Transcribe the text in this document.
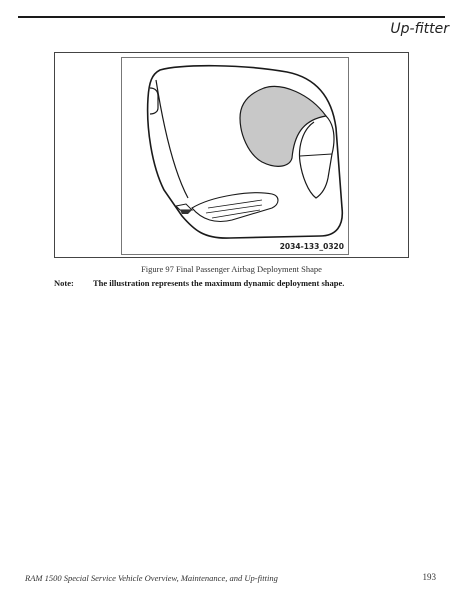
Up-fitter
2034-133_0320
Figure 97 Final Passenger Airbag Deployment Shape
Note: The illustration represents the maximum dynamic deployment shape.
RAM 1500 Special Service Vehicle Overview, Maintenance, and Up-fitting	193
